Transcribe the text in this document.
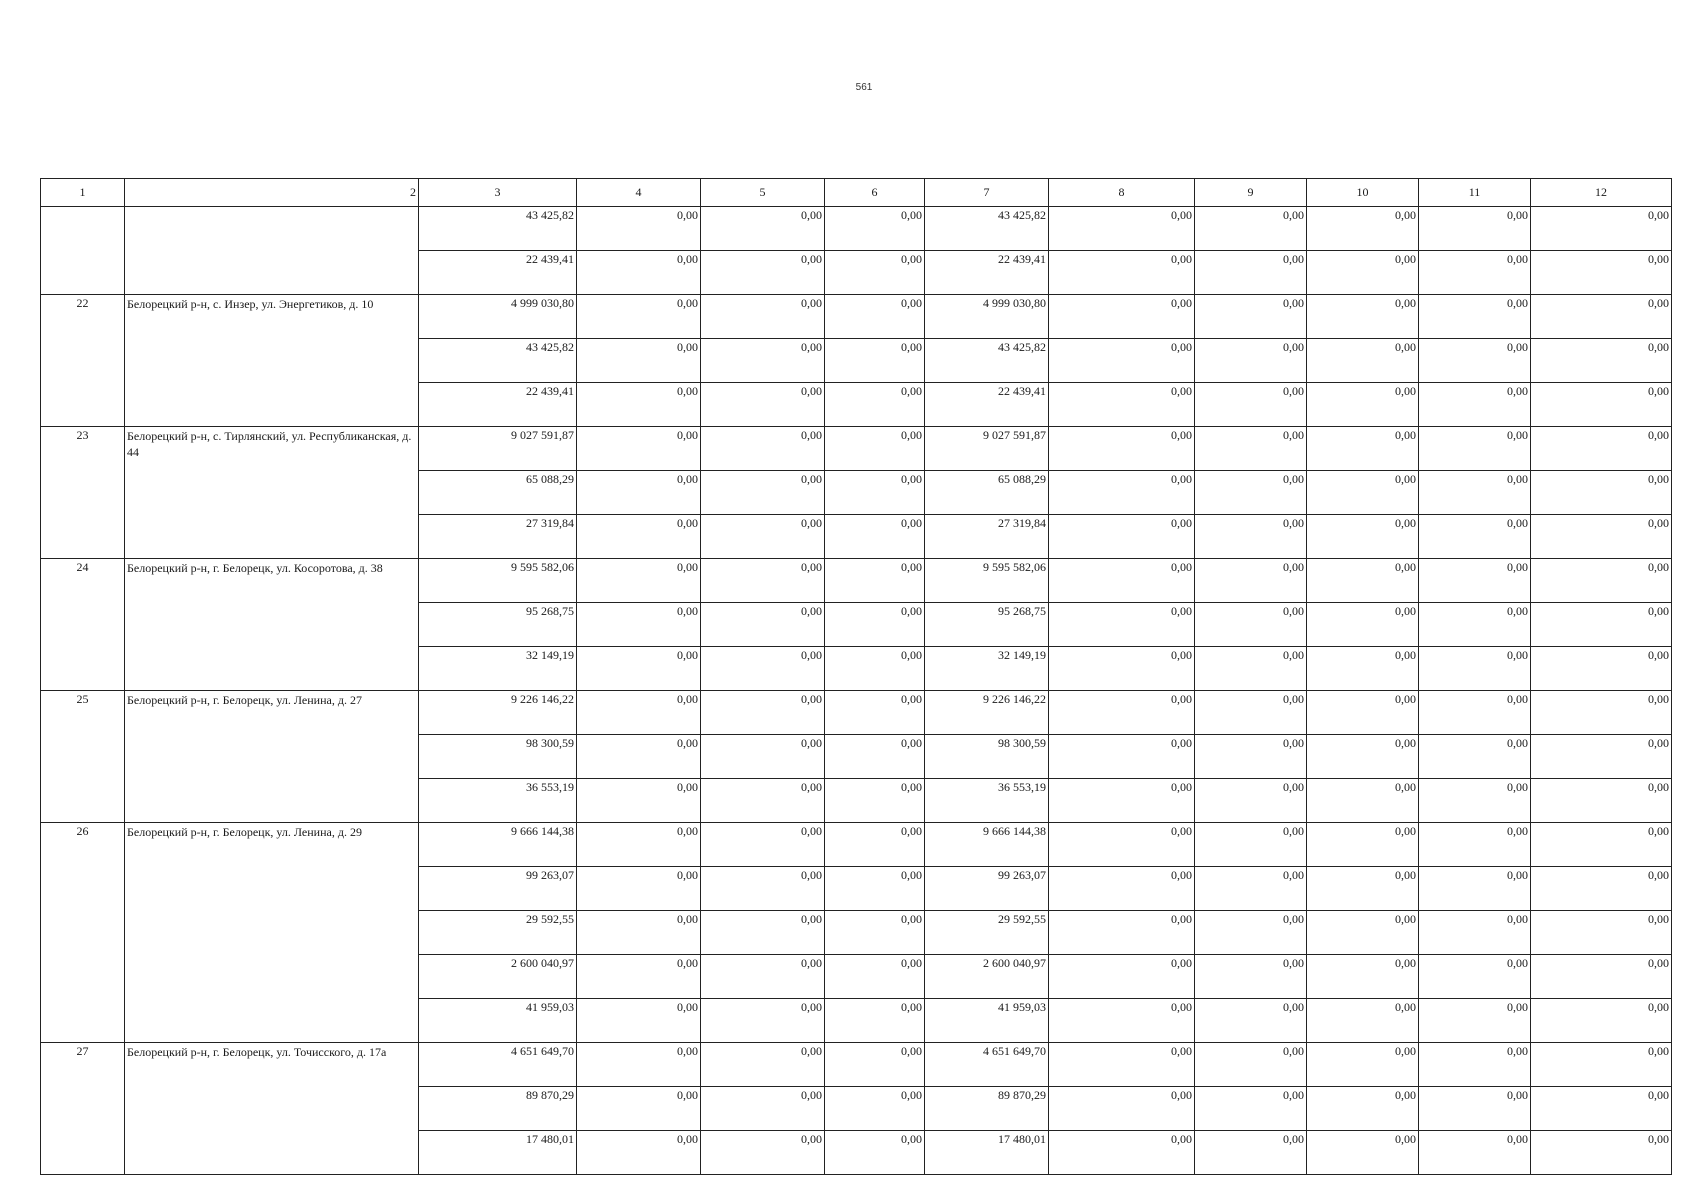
561
1	2	3	4	5	6	7	8	9	10	11	12
		43 425,82	0,00	0,00	0,00	43 425,82	0,00	0,00	0,00	0,00	0,00
		22 439,41	0,00	0,00	0,00	22 439,41	0,00	0,00	0,00	0,00	0,00
22	Белорецкий р-н, с. Инзер, ул. Энергетиков, д. 10	4 999 030,80	0,00	0,00	0,00	4 999 030,80	0,00	0,00	0,00	0,00	0,00
		43 425,82	0,00	0,00	0,00	43 425,82	0,00	0,00	0,00	0,00	0,00
		22 439,41	0,00	0,00	0,00	22 439,41	0,00	0,00	0,00	0,00	0,00
23	Белорецкий р-н, с. Тирлянский, ул. Республиканская, д. 44	9 027 591,87	0,00	0,00	0,00	9 027 591,87	0,00	0,00	0,00	0,00	0,00
		65 088,29	0,00	0,00	0,00	65 088,29	0,00	0,00	0,00	0,00	0,00
		27 319,84	0,00	0,00	0,00	27 319,84	0,00	0,00	0,00	0,00	0,00
24	Белорецкий р-н, г. Белорецк, ул. Косоротова, д. 38	9 595 582,06	0,00	0,00	0,00	9 595 582,06	0,00	0,00	0,00	0,00	0,00
		95 268,75	0,00	0,00	0,00	95 268,75	0,00	0,00	0,00	0,00	0,00
		32 149,19	0,00	0,00	0,00	32 149,19	0,00	0,00	0,00	0,00	0,00
25	Белорецкий р-н, г. Белорецк, ул. Ленина, д. 27	9 226 146,22	0,00	0,00	0,00	9 226 146,22	0,00	0,00	0,00	0,00	0,00
		98 300,59	0,00	0,00	0,00	98 300,59	0,00	0,00	0,00	0,00	0,00
		36 553,19	0,00	0,00	0,00	36 553,19	0,00	0,00	0,00	0,00	0,00
26	Белорецкий р-н, г. Белорецк, ул. Ленина, д. 29	9 666 144,38	0,00	0,00	0,00	9 666 144,38	0,00	0,00	0,00	0,00	0,00
		99 263,07	0,00	0,00	0,00	99 263,07	0,00	0,00	0,00	0,00	0,00
		29 592,55	0,00	0,00	0,00	29 592,55	0,00	0,00	0,00	0,00	0,00
		2 600 040,97	0,00	0,00	0,00	2 600 040,97	0,00	0,00	0,00	0,00	0,00
		41 959,03	0,00	0,00	0,00	41 959,03	0,00	0,00	0,00	0,00	0,00
27	Белорецкий р-н, г. Белорецк, ул. Точисского, д. 17а	4 651 649,70	0,00	0,00	0,00	4 651 649,70	0,00	0,00	0,00	0,00	0,00
		89 870,29	0,00	0,00	0,00	89 870,29	0,00	0,00	0,00	0,00	0,00
		17 480,01	0,00	0,00	0,00	17 480,01	0,00	0,00	0,00	0,00	0,00
